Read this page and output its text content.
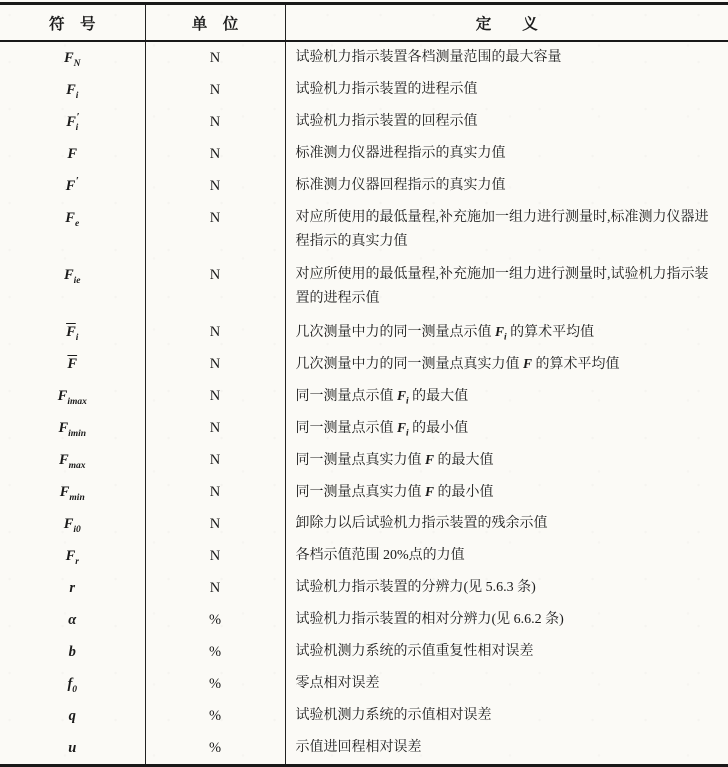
符　号	单　位	定　　义
$F_N$	N	试验机力指示装置各档测量范围的最大容量
$F_i$	N	试验机力指示装置的进程示值
$F'_i$	N	试验机力指示装置的回程示值
F	N	标准测力仪器进程指示的真实力值
F′	N	标准测力仪器回程指示的真实力值
$F_e$	N	对应所使用的最低量程,补充施加一组力进行测量时,标准测力仪器进程指示的真实力值
$F_{ie}$	N	对应所使用的最低量程,补充施加一组力进行测量时,试验机力指示装置的进程示值
$\overline{F}_i$	N	几次测量中力的同一测量点示值 $F_i$ 的算术平均值
$\overline{F}$	N	几次测量中力的同一测量点真实力值 F 的算术平均值
$F_{imax}$	N	同一测量点示值 $F_i$ 的最大值
$F_{imin}$	N	同一测量点示值 $F_i$ 的最小值
$F_{max}$	N	同一测量点真实力值 F 的最大值
$F_{min}$	N	同一测量点真实力值 F 的最小值
$F_{i0}$	N	卸除力以后试验机力指示装置的残余示值
$F_r$	N	各档示值范围 20%点的力值
r	N	试验机力指示装置的分辨力(见 5.6.3 条)
α	%	试验机力指示装置的相对分辨力(见 6.6.2 条)
b	%	试验机测力系统的示值重复性相对误差
$f_0$	%	零点相对误差
q	%	试验机测力系统的示值相对误差
u	%	示值进回程相对误差
